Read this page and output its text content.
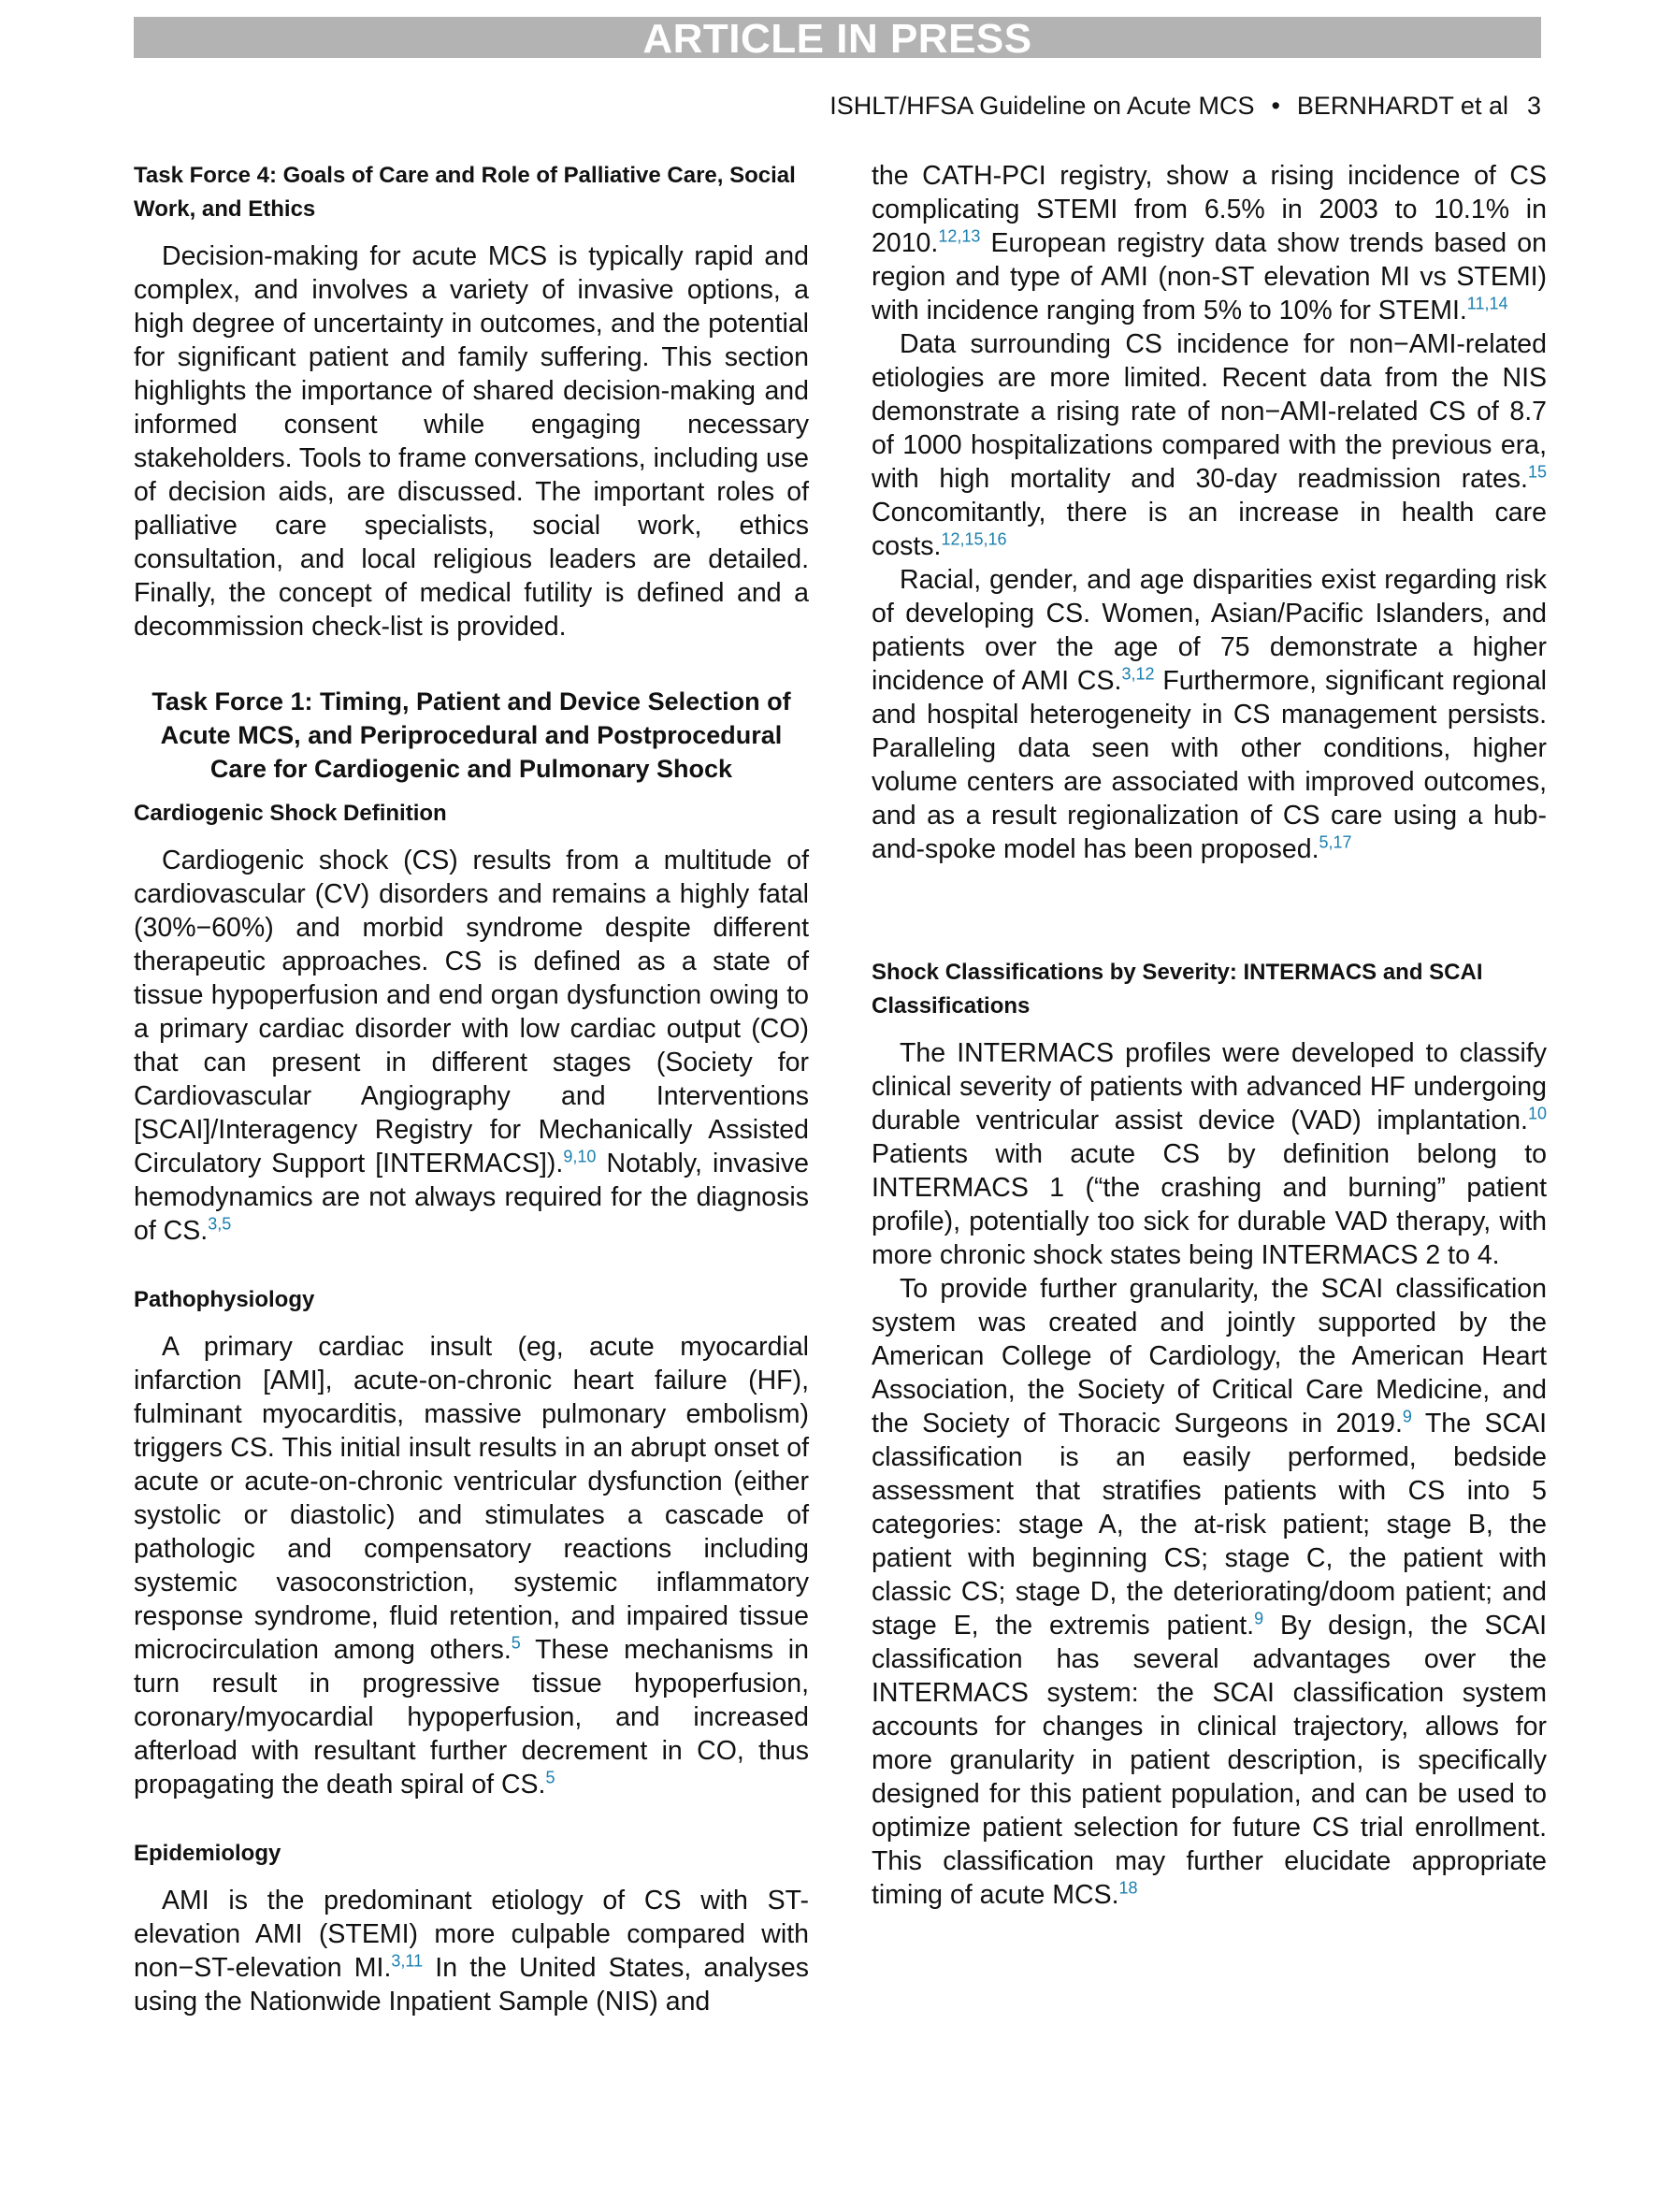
ARTICLE IN PRESS
ISHLT/HFSA Guideline on Acute MCS • BERNHARDT et al 3
Task Force 4: Goals of Care and Role of Palliative Care, Social Work, and Ethics

Decision-making for acute MCS is typically rapid and complex, and involves a variety of invasive options, a high degree of uncertainty in outcomes, and the potential for significant patient and family suffering. This section highlights the importance of shared decision-making and informed consent while engaging necessary stakeholders. Tools to frame conversations, including use of decision aids, are discussed. The important roles of palliative care specialists, social work, ethics consultation, and local religious leaders are detailed. Finally, the concept of medical futility is defined and a decommission check-list is provided.

Task Force 1: Timing, Patient and Device Selection of Acute MCS, and Periprocedural and Postprocedural Care for Cardiogenic and Pulmonary Shock
Cardiogenic Shock Definition

Cardiogenic shock (CS) results from a multitude of cardiovascular (CV) disorders and remains a highly fatal (30%−60%) and morbid syndrome despite different therapeutic approaches. CS is defined as a state of tissue hypoperfusion and end organ dysfunction owing to a primary cardiac disorder with low cardiac output (CO) that can present in different stages (Society for Cardiovascular Angiography and Interventions [SCAI]/Interagency Registry for Mechanically Assisted Circulatory Support [INTERMACS]).$^{9,10}$ Notably, invasive hemodynamics are not always required for the diagnosis of CS.$^{3,5}$

Pathophysiology

A primary cardiac insult (eg, acute myocardial infarction [AMI], acute-on-chronic heart failure (HF), fulminant myocarditis, massive pulmonary embolism) triggers CS. This initial insult results in an abrupt onset of acute or acute-on-chronic ventricular dysfunction (either systolic or diastolic) and stimulates a cascade of pathologic and compensatory reactions including systemic vasoconstriction, systemic inflammatory response syndrome, fluid retention, and impaired tissue microcirculation among others.$^5$ These mechanisms in turn result in progressive tissue hypoperfusion, coronary/myocardial hypoperfusion, and increased afterload with resultant further decrement in CO, thus propagating the death spiral of CS.$^5$

Epidemiology

AMI is the predominant etiology of CS with ST-elevation AMI (STEMI) more culpable compared with non−ST-elevation MI.$^{3,11}$ In the United States, analyses using the Nationwide Inpatient Sample (NIS) and

the CATH-PCI registry, show a rising incidence of CS complicating STEMI from 6.5% in 2003 to 10.1% in 2010.$^{12,13}$ European registry data show trends based on region and type of AMI (non-ST elevation MI vs STEMI) with incidence ranging from 5% to 10% for STEMI.$^{11,14}$

Data surrounding CS incidence for non−AMI-related etiologies are more limited. Recent data from the NIS demonstrate a rising rate of non−AMI-related CS of 8.7 of 1000 hospitalizations compared with the previous era, with high mortality and 30-day readmission rates.$^{15}$ Concomitantly, there is an increase in health care costs.$^{12,15,16}$

Racial, gender, and age disparities exist regarding risk of developing CS. Women, Asian/Pacific Islanders, and patients over the age of 75 demonstrate a higher incidence of AMI CS.$^{3,12}$ Furthermore, significant regional and hospital heterogeneity in CS management persists. Paralleling data seen with other conditions, higher volume centers are associated with improved outcomes, and as a result regionalization of CS care using a hub-and-spoke model has been proposed.$^{5,17}$

Shock Classifications by Severity: INTERMACS and SCAI Classifications

The INTERMACS profiles were developed to classify clinical severity of patients with advanced HF undergoing durable ventricular assist device (VAD) implantation.$^{10}$ Patients with acute CS by definition belong to INTERMACS 1 (“the crashing and burning” patient profile), potentially too sick for durable VAD therapy, with more chronic shock states being INTERMACS 2 to 4.

To provide further granularity, the SCAI classification system was created and jointly supported by the American College of Cardiology, the American Heart Association, the Society of Critical Care Medicine, and the Society of Thoracic Surgeons in 2019.$^9$ The SCAI classification is an easily performed, bedside assessment that stratifies patients with CS into 5 categories: stage A, the at-risk patient; stage B, the patient with beginning CS; stage C, the patient with classic CS; stage D, the deteriorating/doom patient; and stage E, the extremis patient.$^9$ By design, the SCAI classification has several advantages over the INTERMACS system: the SCAI classification system accounts for changes in clinical trajectory, allows for more granularity in patient description, is specifically designed for this patient population, and can be used to optimize patient selection for future CS trial enrollment. This classification may further elucidate appropriate timing of acute MCS.$^{18}$
